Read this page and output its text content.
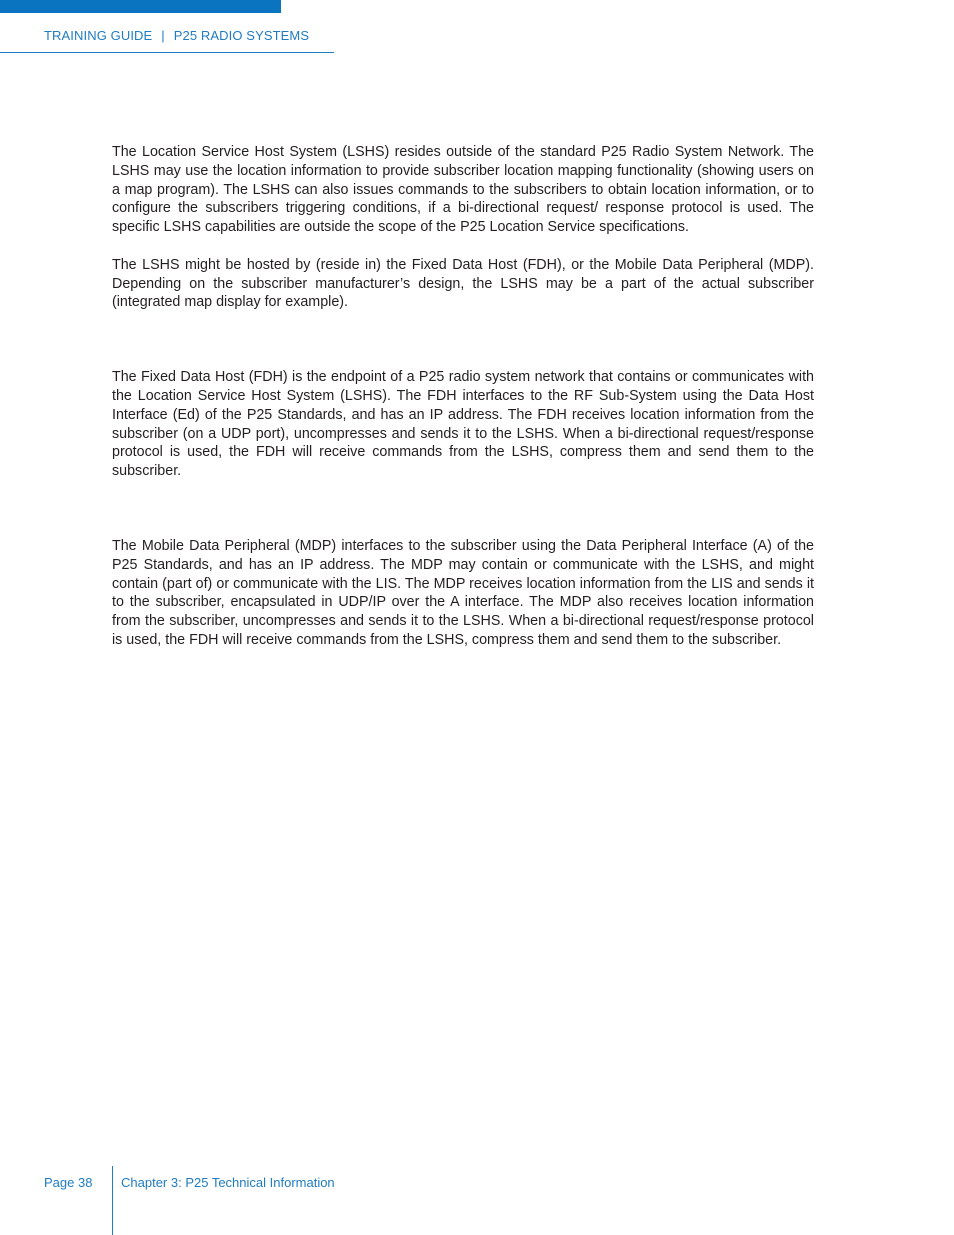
TRAINING GUIDE | P25 RADIO SYSTEMS

The Location Service Host System (LSHS) resides outside of the standard P25 Radio System Network. The LSHS may use the location information to provide subscriber location mapping functionality (showing users on a map program). The LSHS can also issues commands to the subscribers to obtain location information, or to configure the subscribers triggering conditions, if a bi-directional request/ response protocol is used. The specific LSHS capabilities are outside the scope of the P25 Location Service specifications.

The LSHS might be hosted by (reside in) the Fixed Data Host (FDH), or the Mobile Data Peripheral (MDP). Depending on the subscriber manufacturer’s design, the LSHS may be a part of the actual subscriber (integrated map display for example).

The Fixed Data Host (FDH) is the endpoint of a P25 radio system network that contains or communicates with the Location Service Host System (LSHS). The FDH interfaces to the RF Sub-System using the Data Host Interface (Ed) of the P25 Standards, and has an IP address. The FDH receives location information from the subscriber (on a UDP port), uncompresses and sends it to the LSHS. When a bi-directional request/response protocol is used, the FDH will receive commands from the LSHS, compress them and send them to the subscriber.

The Mobile Data Peripheral (MDP) interfaces to the subscriber using the Data Peripheral Interface (A) of the P25 Standards, and has an IP address. The MDP may contain or communicate with the LSHS, and might contain (part of) or communicate with the LIS. The MDP receives location information from the LIS and sends it to the subscriber, encapsulated in UDP/IP over the A interface. The MDP also receives location information from the subscriber, uncompresses and sends it to the LSHS. When a bi-directional request/response protocol is used, the FDH will receive commands from the LSHS, compress them and send them to the subscriber.

Page 38 Chapter 3: P25 Technical Information
